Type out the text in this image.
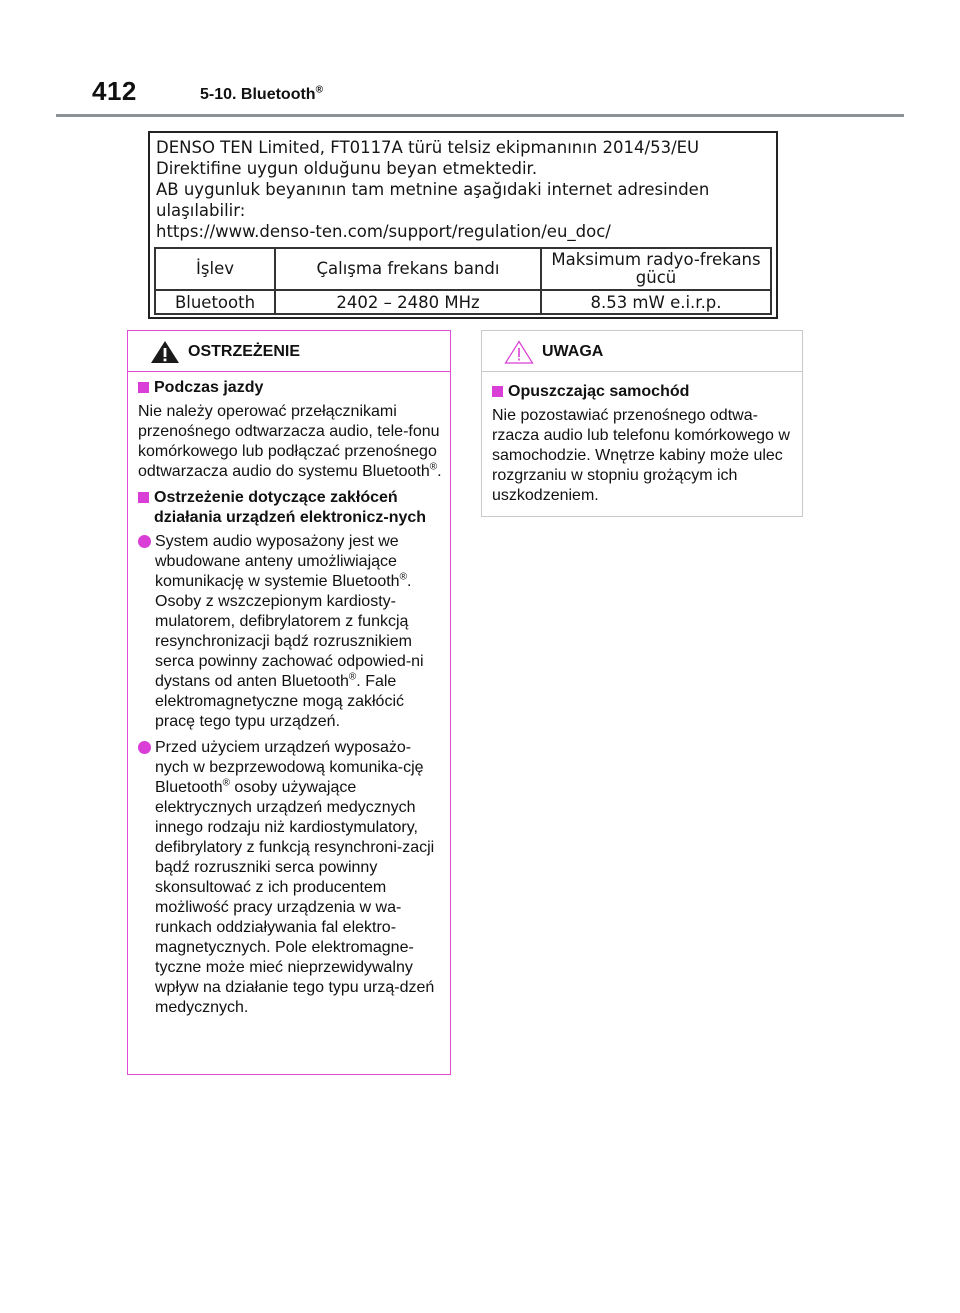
412	5-10. Bluetooth®
DENSO TEN Limited, FT0117A türü telsiz ekipmanının 2014/53/EU
Direktifine uygun olduğunu beyan etmektedir.
AB uygunluk beyanının tam metnine aşağıdaki internet adresinden
ulaşılabilir:
https://www.denso-ten.com/support/regulation/eu_doc/
İşlev	Çalışma frekans bandı	Maksimum radyo-frekans gücü
Bluetooth	2402 – 2480 MHz	8.53 mW e.i.r.p.
OSTRZEŻENIE
Podczas jazdy
Nie należy operować przełącznikami przenośnego odtwarzacza audio, tele-fonu komórkowego lub podłączać przenośnego odtwarzacza audio do systemu Bluetooth®.
Ostrzeżenie dotyczące zakłóceń działania urządzeń elektronicz-nych
System audio wyposażony jest we wbudowane anteny umożliwiające komunikację w systemie Bluetooth®. Osoby z wszczepionym kardiosty-mulatorem, defibrylatorem z funkcją resynchronizacji bądź rozrusznikiem serca powinny zachować odpowied-ni dystans od anten Bluetooth®. Fale elektromagnetyczne mogą zakłócić pracę tego typu urządzeń.
Przed użyciem urządzeń wyposażo-nych w bezprzewodową komunika-cję Bluetooth® osoby używające elektrycznych urządzeń medycznych innego rodzaju niż kardiostymulatory, defibrylatory z funkcją resynchroni-zacji bądź rozruszniki serca powinny skonsultować z ich producentem możliwość pracy urządzenia w wa-runkach oddziaływania fal elektro-magnetycznych. Pole elektromagne-tyczne może mieć nieprzewidywalny wpływ na działanie tego typu urzą-dzeń medycznych.
UWAGA
Opuszczając samochód
Nie pozostawiać przenośnego odtwa-rzacza audio lub telefonu komórkowego w samochodzie. Wnętrze kabiny może ulec rozgrzaniu w stopniu grożącym ich uszkodzeniem.
